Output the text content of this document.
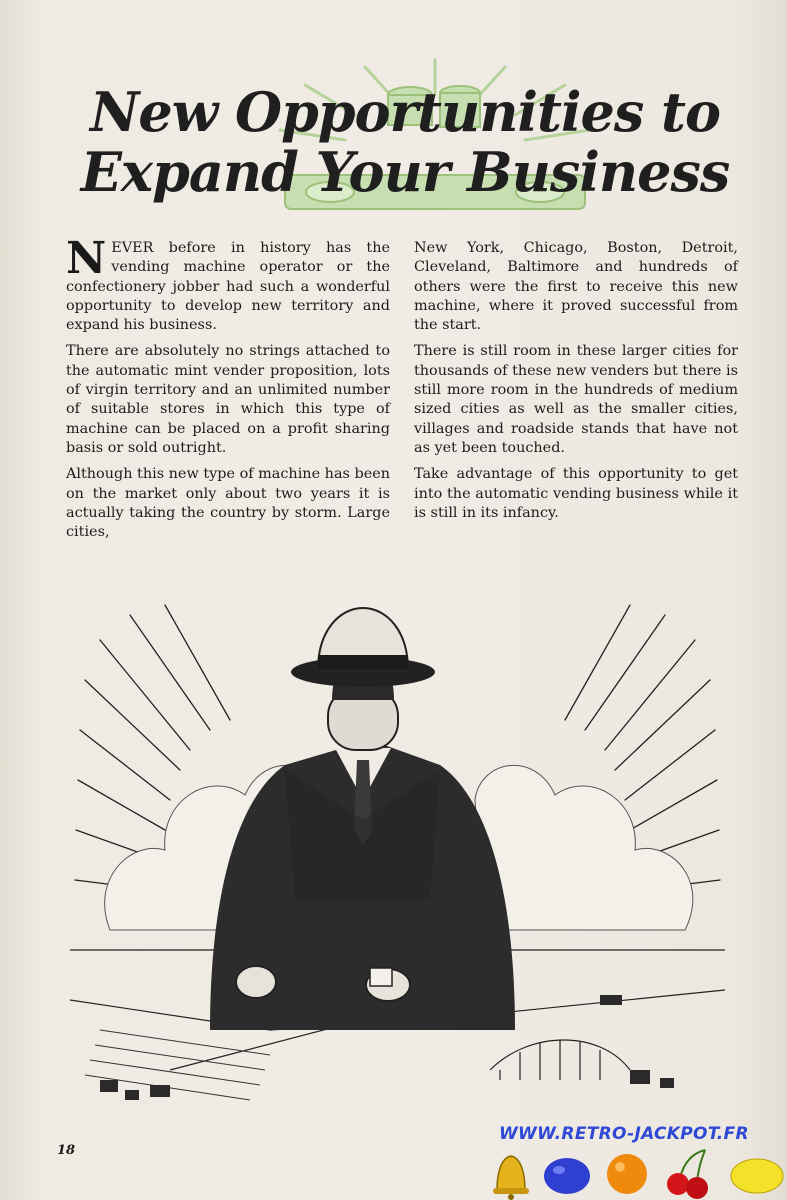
New Opportunities to
Expand Your Business

NEVER before in history has the vending machine operator or the confectionery jobber had such a wonderful opportunity to develop new territory and expand his business.

There are absolutely no strings attached to the automatic mint vender proposition, lots of virgin territory and an unlimited number of suitable stores in which this type of machine can be placed on a profit sharing basis or sold outright.

Although this new type of machine has been on the market only about two years it is actually taking the country by storm. Large cities,

New York, Chicago, Boston, Detroit, Cleveland, Baltimore and hundreds of others were the first to receive this new machine, where it proved successful from the start.

There is still room in these larger cities for thousands of these new venders but there is still more room in the hundreds of medium sized cities as well as the smaller cities, villages and roadside stands that have not as yet been touched.

Take advantage of this opportunity to get into the automatic vending business while it is still in its infancy.

18
WWW.RETRO-JACKPOT.FR
